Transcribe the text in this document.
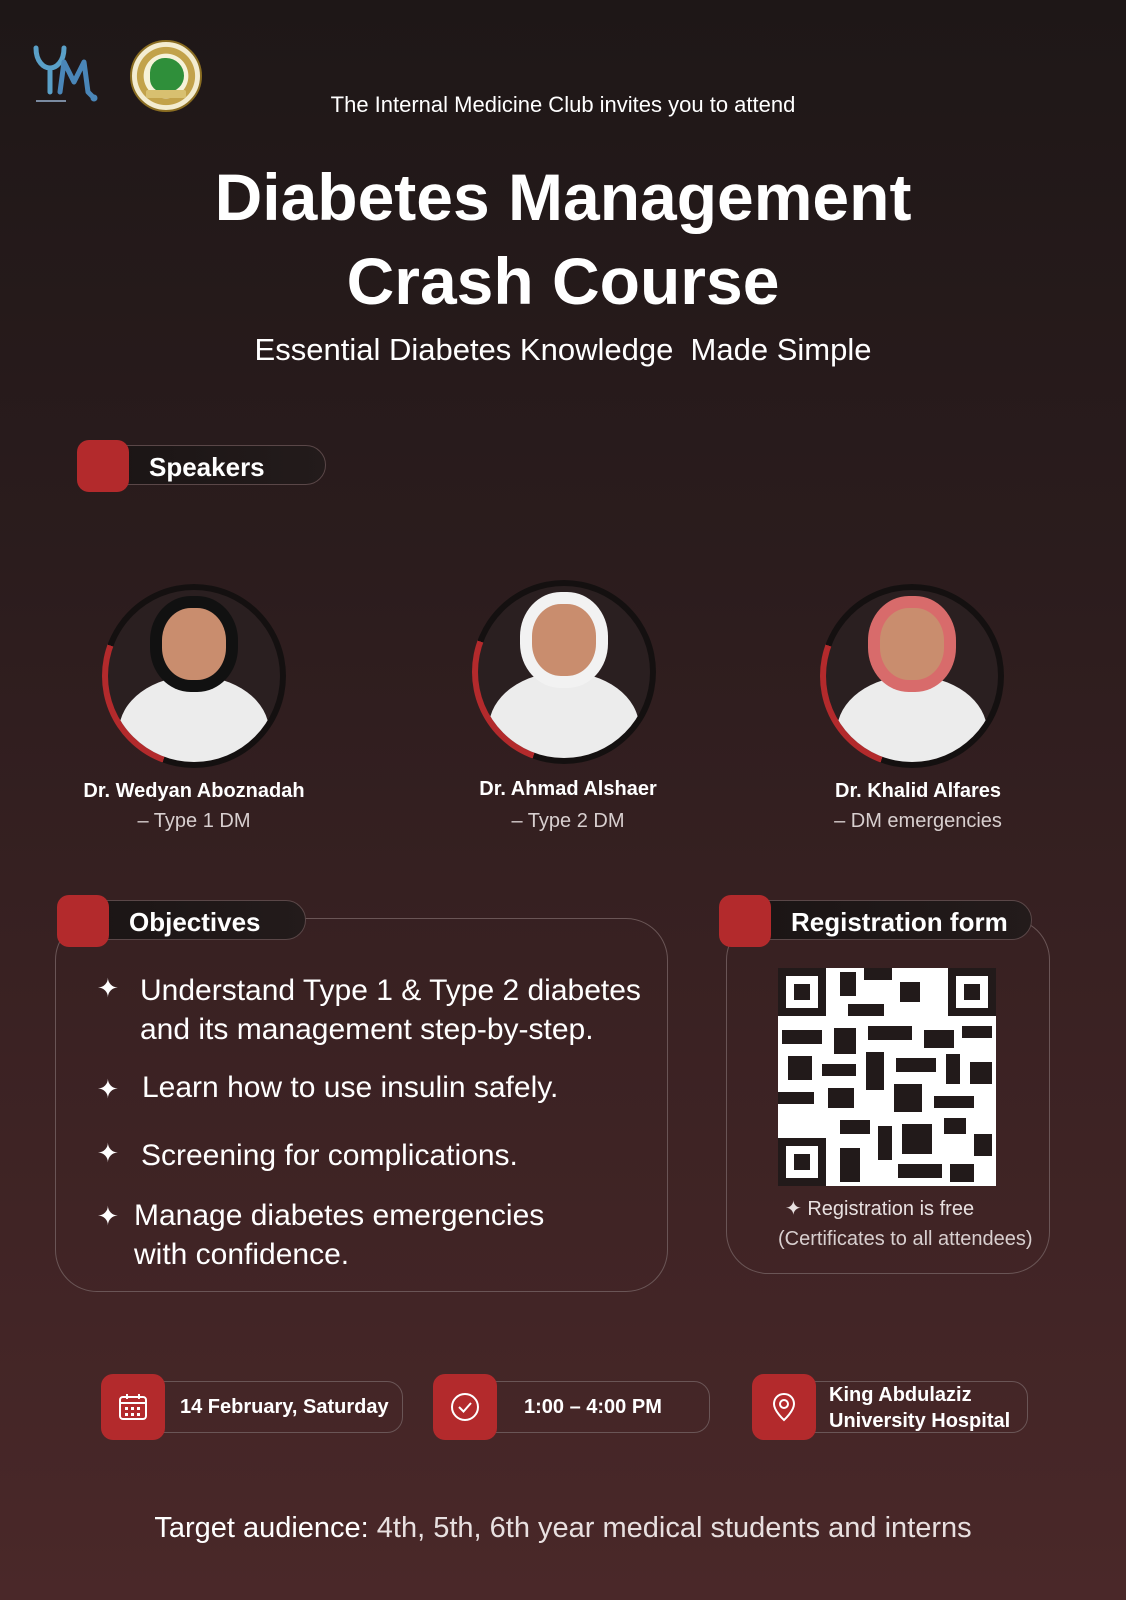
The Internal Medicine Club invites you to attend
Diabetes Management
Crash Course
Essential Diabetes Knowledge  Made Simple
Speakers
Dr. Wedyan Aboznadah
– Type 1 DM
Dr. Ahmad Alshaer
– Type 2 DM
Dr. Khalid Alfares
– DM emergencies
Objectives
✦ Understand Type 1 & Type 2 diabetes
and its management step-by-step.
✦ Learn how to use insulin safely.
✦ Screening for complications.
✦ Manage diabetes emergencies
with confidence.
Registration form
✦ Registration is free
(Certificates to all attendees)
14 February, Saturday	1:00 – 4:00 PM
King Abdulaziz
University Hospital
Target audience: 4th, 5th, 6th year medical students and interns
